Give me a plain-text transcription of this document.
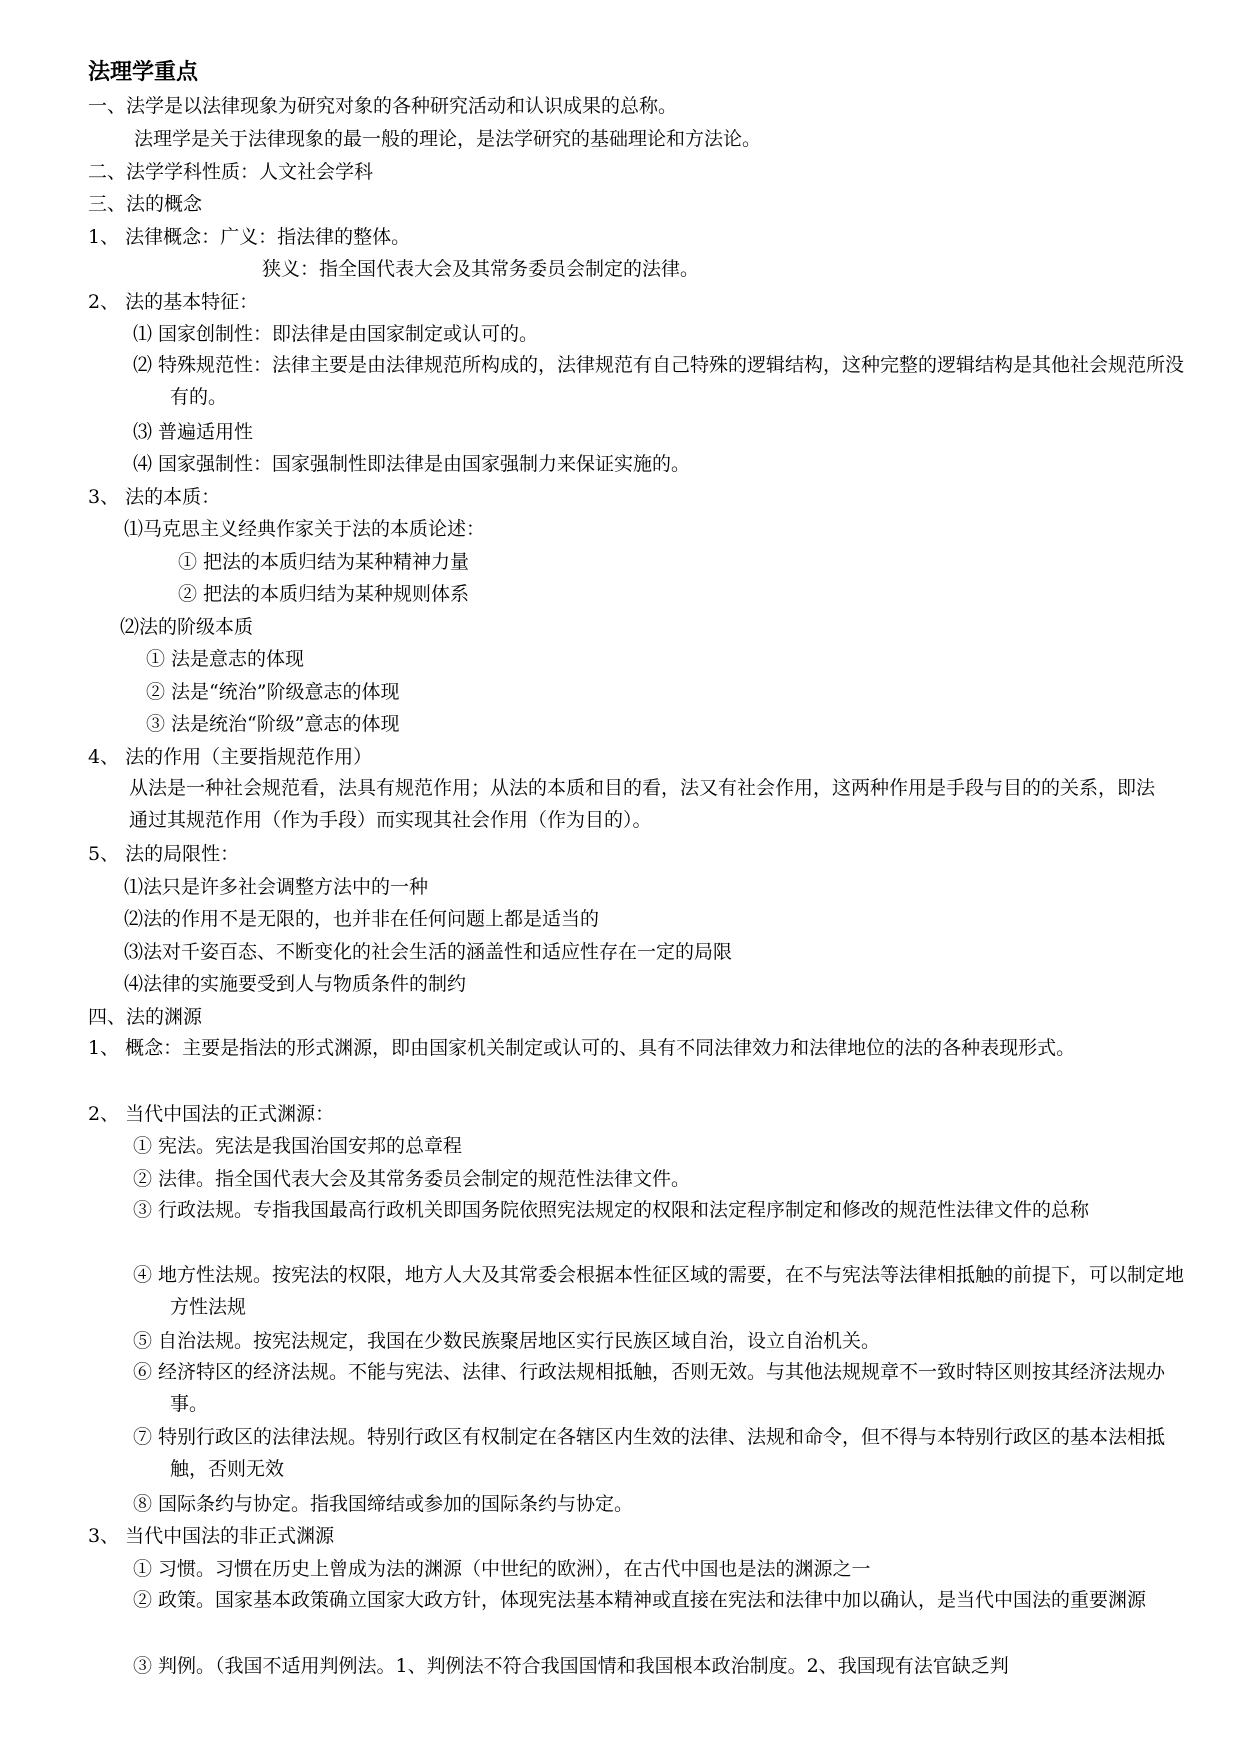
法理学重点
一、法学是以法律现象为研究对象的各种研究活动和认识成果的总称。
法理学是关于法律现象的最一般的理论，是法学研究的基础理论和方法论。
二、法学学科性质：人文社会学科
三、法的概念
1、 法律概念：广义：指法律的整体。
狭义：指全国代表大会及其常务委员会制定的法律。
2、 法的基本特征：
⑴ 国家创制性：即法律是由国家制定或认可的。
⑵ 特殊规范性：法律主要是由法律规范所构成的，法律规范有自己特殊的逻辑结构，这种完整的逻辑结构是其他社会规范所没有的。
⑶ 普遍适用性
⑷ 国家强制性：国家强制性即法律是由国家强制力来保证实施的。
3、 法的本质：
⑴马克思主义经典作家关于法的本质论述：
① 把法的本质归结为某种精神力量
② 把法的本质归结为某种规则体系
⑵法的阶级本质
① 法是意志的体现
② 法是“统治”阶级意志的体现
③ 法是统治“阶级”意志的体现
4、 法的作用（主要指规范作用）
从法是一种社会规范看，法具有规范作用；从法的本质和目的看，法又有社会作用，这两种作用是手段与目的的关系，即法通过其规范作用（作为手段）而实现其社会作用（作为目的）。
5、 法的局限性：
⑴法只是许多社会调整方法中的一种
⑵法的作用不是无限的，也并非在任何问题上都是适当的
⑶法对千姿百态、不断变化的社会生活的涵盖性和适应性存在一定的局限
⑷法律的实施要受到人与物质条件的制约
四、法的渊源
1、 概念：主要是指法的形式渊源，即由国家机关制定或认可的、具有不同法律效力和法律地位的法的各种表现形式。
2、 当代中国法的正式渊源：
① 宪法。宪法是我国治国安邦的总章程
② 法律。指全国代表大会及其常务委员会制定的规范性法律文件。
③ 行政法规。专指我国最高行政机关即国务院依照宪法规定的权限和法定程序制定和修改的规范性法律文件的总称
④ 地方性法规。按宪法的权限，地方人大及其常委会根据本性征区域的需要，在不与宪法等法律相抵触的前提下，可以制定地方性法规
⑤ 自治法规。按宪法规定，我国在少数民族聚居地区实行民族区域自治，设立自治机关。
⑥ 经济特区的经济法规。不能与宪法、法律、行政法规相抵触，否则无效。与其他法规规章不一致时特区则按其经济法规办事。
⑦ 特别行政区的法律法规。特别行政区有权制定在各辖区内生效的法律、法规和命令，但不得与本特别行政区的基本法相抵触，否则无效
⑧ 国际条约与协定。指我国缔结或参加的国际条约与协定。
3、 当代中国法的非正式渊源
① 习惯。习惯在历史上曾成为法的渊源（中世纪的欧洲），在古代中国也是法的渊源之一
② 政策。国家基本政策确立国家大政方针，体现宪法基本精神或直接在宪法和法律中加以确认，是当代中国法的重要渊源
③ 判例。（我国不适用判例法。1、判例法不符合我国国情和我国根本政治制度。2、我国现有法官缺乏判
